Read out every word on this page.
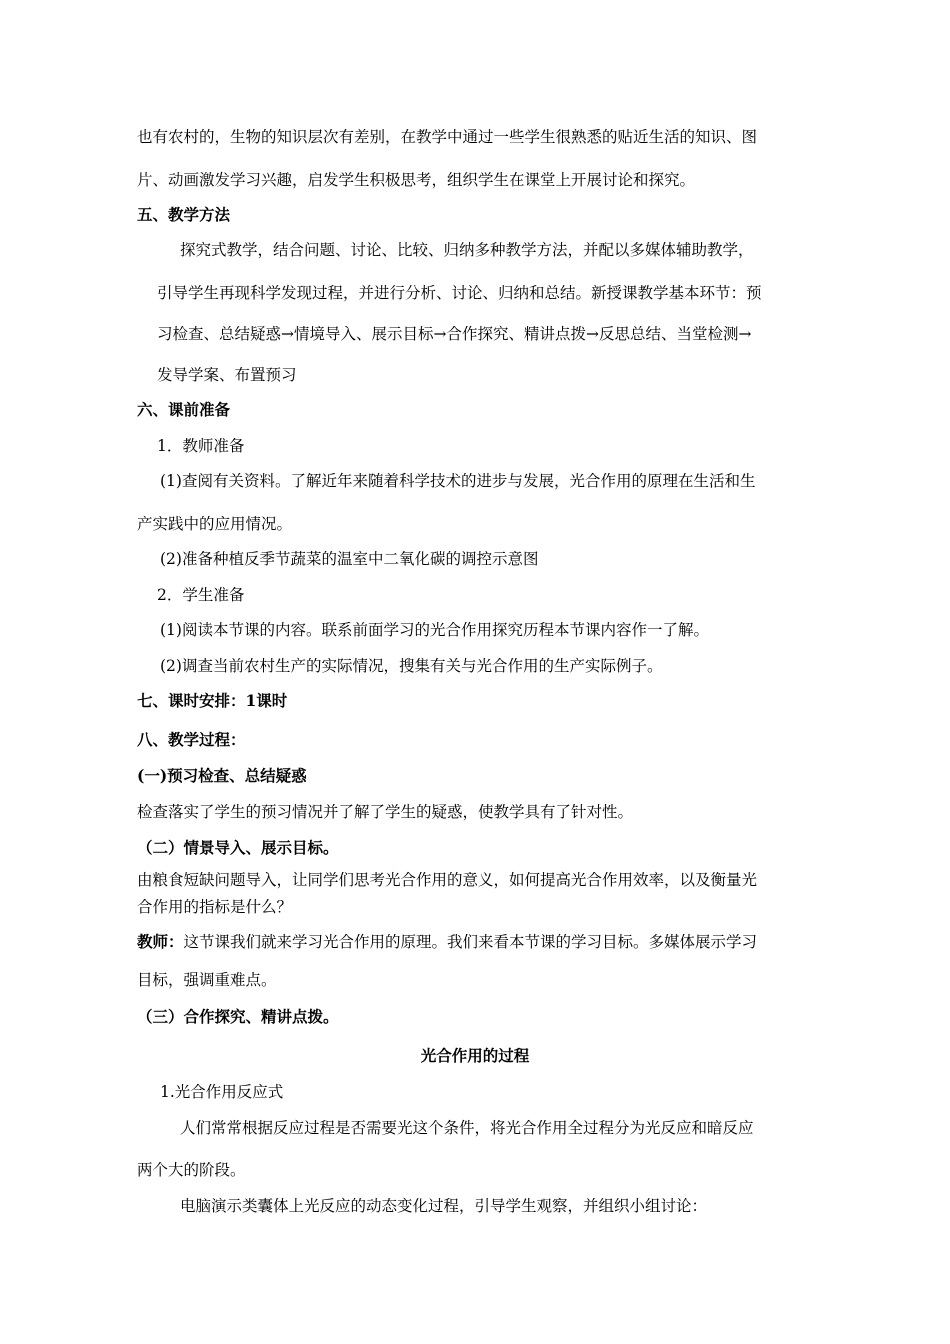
也有农村的，生物的知识层次有差别，在教学中通过一些学生很熟悉的贴近生活的知识、图
片、动画激发学习兴趣，启发学生积极思考，组织学生在课堂上开展讨论和探究。
五、教学方法
探究式教学，结合问题、讨论、比较、归纳多种教学方法，并配以多媒体辅助教学，
引导学生再现科学发现过程，并进行分析、讨论、归纳和总结。新授课教学基本环节：预
习检查、总结疑惑→情境导入、展示目标→合作探究、精讲点拨→反思总结、当堂检测→
发导学案、布置预习
六、课前准备
1．教师准备
(1)查阅有关资料。了解近年来随着科学技术的进步与发展，光合作用的原理在生活和生
产实践中的应用情况。
(2)准备种植反季节蔬菜的温室中二氧化碳的调控示意图
2．学生准备
(1)阅读本节课的内容。联系前面学习的光合作用探究历程本节课内容作一了解。
(2)调查当前农村生产的实际情况，搜集有关与光合作用的生产实际例子。
七、课时安排：1课时
八、教学过程：
(一)预习检查、总结疑惑
检查落实了学生的预习情况并了解了学生的疑惑，使教学具有了针对性。
（二）情景导入、展示目标。
由粮食短缺问题导入，让同学们思考光合作用的意义，如何提高光合作用效率，以及衡量光
合作用的指标是什么？
教师：这节课我们就来学习光合作用的原理。我们来看本节课的学习目标。多媒体展示学习
目标，强调重难点。
（三）合作探究、精讲点拨。
光合作用的过程
1.光合作用反应式
人们常常根据反应过程是否需要光这个条件，将光合作用全过程分为光反应和暗反应
两个大的阶段。
电脑演示类囊体上光反应的动态变化过程，引导学生观察，并组织小组讨论：
